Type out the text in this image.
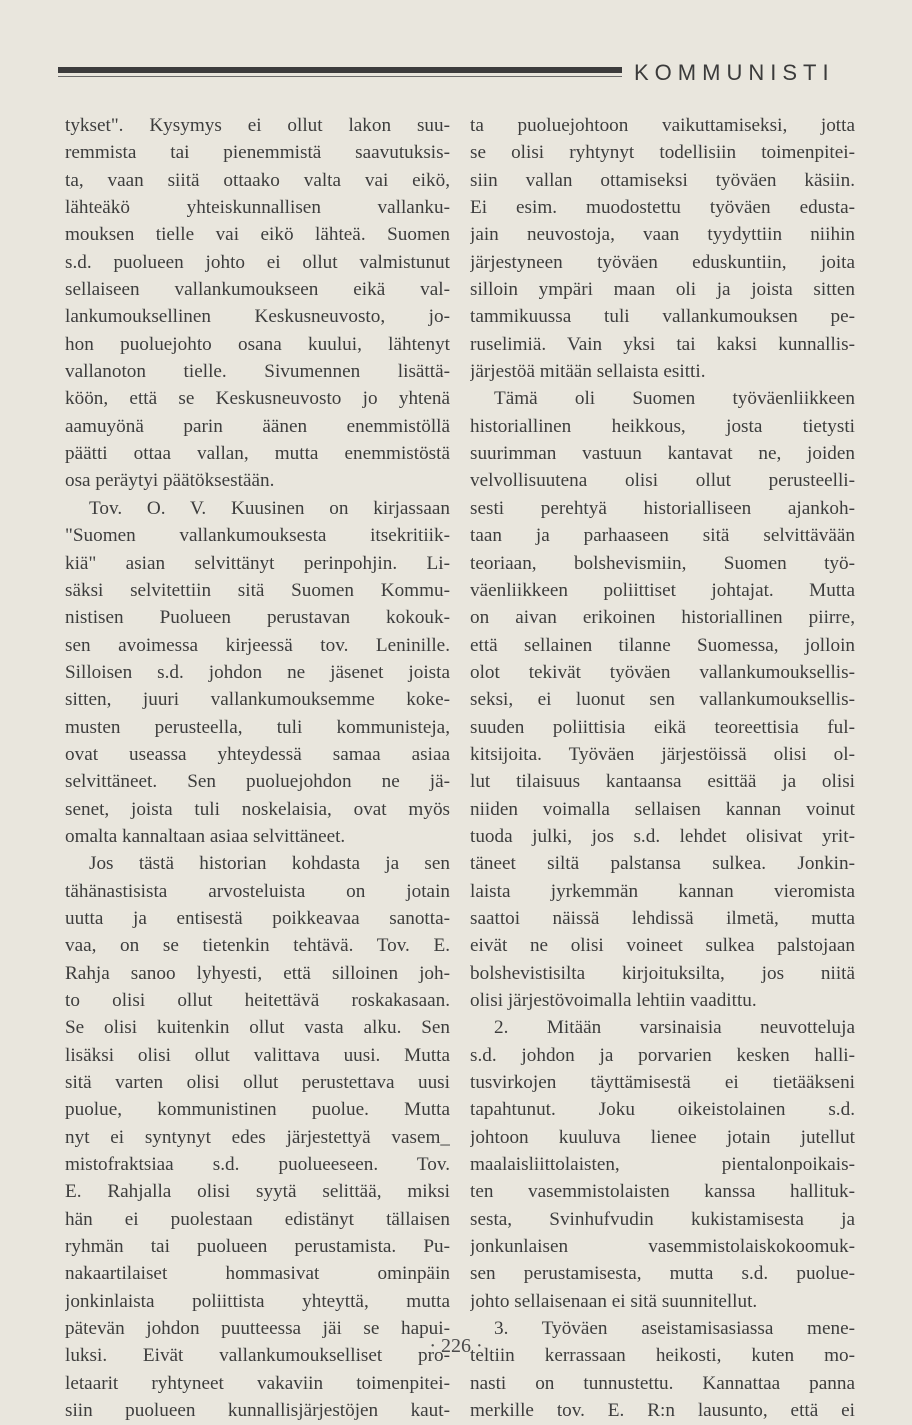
KOMMUNISTI
tykset". Kysymys ei ollut lakon suu-
remmista tai pienemmistä saavutuksis-
ta, vaan siitä ottaako valta vai eikö,
lähteäkö yhteiskunnallisen vallanku-
mouksen tielle vai eikö lähteä. Suomen
s.d. puolueen johto ei ollut valmistunut
sellaiseen vallankumoukseen eikä val-
lankumouksellinen Keskusneuvosto, jo-
hon puoluejohto osana kuului, lähtenyt
vallanoton tielle. Sivumennen lisättä-
köön, että se Keskusneuvosto jo yhtenä
aamuyönä parin äänen enemmistöllä
päätti ottaa vallan, mutta enemmistöstä
osa peräytyi päätöksestään.
Tov. O. V. Kuusinen on kirjassaan
"Suomen vallankumouksesta itsekritiik-
kiä" asian selvittänyt perinpohjin. Li-
säksi selvitettiin sitä Suomen Kommu-
nistisen Puolueen perustavan kokouk-
sen avoimessa kirjeessä tov. Leninille.
Silloisen s.d. johdon ne jäsenet joista
sitten, juuri vallankumouksemme koke-
musten perusteella, tuli kommunisteja,
ovat useassa yhteydessä samaa asiaa
selvittäneet. Sen puoluejohdon ne jä-
senet, joista tuli noskelaisia, ovat myös
omalta kannaltaan asiaa selvittäneet.
Jos tästä historian kohdasta ja sen
tähänastisista arvosteluista on jotain
uutta ja entisestä poikkeavaa sanotta-
vaa, on se tietenkin tehtävä. Tov. E.
Rahja sanoo lyhyesti, että silloinen joh-
to olisi ollut heitettävä roskakasaan.
Se olisi kuitenkin ollut vasta alku. Sen
lisäksi olisi ollut valittava uusi. Mutta
sitä varten olisi ollut perustettava uusi
puolue, kommunistinen puolue. Mutta
nyt ei syntynyt edes järjestettyä vasem_
mistofraktsiaa s.d. puolueeseen. Tov.
E. Rahjalla olisi syytä selittää, miksi
hän ei puolestaan edistänyt tällaisen
ryhmän tai puolueen perustamista. Pu-
nakaartilaiset hommasivat ominpäin
jonkinlaista poliittista yhteyttä, mutta
pätevän johdon puutteessa jäi se hapui-
luksi. Eivät vallankumoukselliset pro-
letaarit ryhtyneet vakaviin toimenpitei-
siin puolueen kunnallisjärjestöjen kaut-
ta puoluejohtoon vaikuttamiseksi, jotta
se olisi ryhtynyt todellisiin toimenpitei-
siin vallan ottamiseksi työväen käsiin.
Ei esim. muodostettu työväen edusta-
jain neuvostoja, vaan tyydyttiin niihin
järjestyneen työväen eduskuntiin, joita
silloin ympäri maan oli ja joista sitten
tammikuussa tuli vallankumouksen pe-
ruselimiä. Vain yksi tai kaksi kunnallis-
järjestöä mitään sellaista esitti.
Tämä oli Suomen työväenliikkeen
historiallinen heikkous, josta tietysti
suurimman vastuun kantavat ne, joiden
velvollisuutena olisi ollut perusteelli-
sesti perehtyä historialliseen ajankoh-
taan ja parhaaseen sitä selvittävään
teoriaan, bolshevismiin, Suomen työ-
väenliikkeen poliittiset johtajat. Mutta
on aivan erikoinen historiallinen piirre,
että sellainen tilanne Suomessa, jolloin
olot tekivät työväen vallankumouksellis-
seksi, ei luonut sen vallankumouksellis-
suuden poliittisia eikä teoreettisia ful-
kitsijoita. Työväen järjestöissä olisi ol-
lut tilaisuus kantaansa esittää ja olisi
niiden voimalla sellaisen kannan voinut
tuoda julki, jos s.d. lehdet olisivat yrit-
täneet siltä palstansa sulkea. Jonkin-
laista jyrkemmän kannan vieromista
saattoi näissä lehdissä ilmetä, mutta
eivät ne olisi voineet sulkea palstojaan
bolshevistisilta kirjoituksilta, jos niitä
olisi järjestövoimalla lehtiin vaadittu.
2. Mitään varsinaisia neuvotteluja
s.d. johdon ja porvarien kesken halli-
tusvirkojen täyttämisestä ei tietääkseni
tapahtunut. Joku oikeistolainen s.d.
johtoon kuuluva lienee jotain jutellut
maalaisliittolaisten, pientalonpoikais-
ten vasemmistolaisten kanssa hallituk-
sesta, Svinhufvudin kukistamisesta ja
jonkunlaisen vasemmistolaiskokoomuk-
sen perustamisesta, mutta s.d. puolue-
johto sellaisenaan ei sitä suunnitellut.
3. Työväen aseistamisasiassa mene-
teltiin kerrassaan heikosti, kuten mo-
nasti on tunnustettu. Kannattaa panna
merkille tov. E. R:n lausunto, että ei
· 226 ·
